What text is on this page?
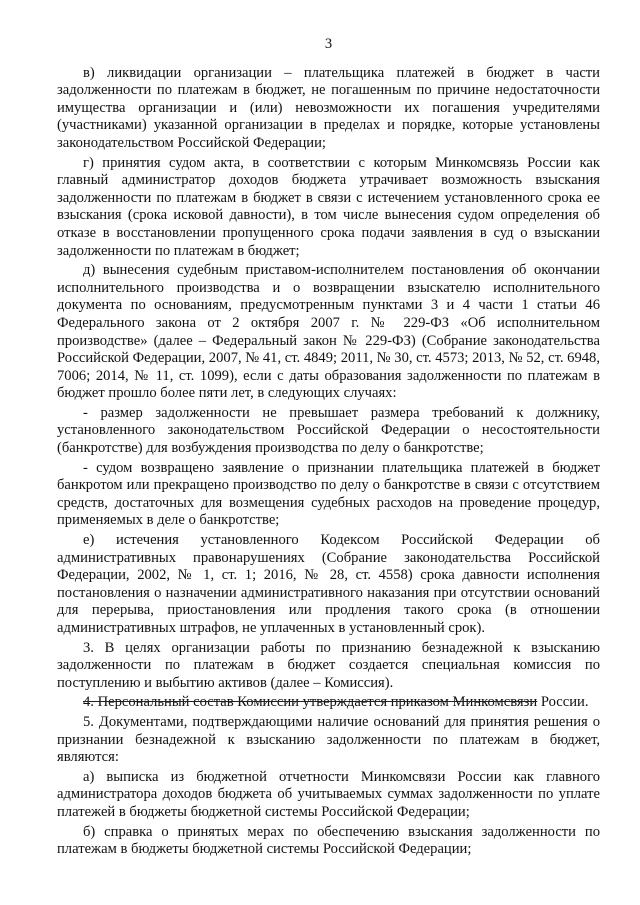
3

в) ликвидации организации – плательщика платежей в бюджет в части задолженности по платежам в бюджет, не погашенным по причине недостаточности имущества организации и (или) невозможности их погашения учредителями (участниками) указанной организации в пределах и порядке, которые установлены законодательством Российской Федерации;

г) принятия судом акта, в соответствии с которым Минкомсвязь России как главный администратор доходов бюджета утрачивает возможность взыскания задолженности по платежам в бюджет в связи с истечением установленного срока ее взыскания (срока исковой давности), в том числе вынесения судом определения об отказе в восстановлении пропущенного срока подачи заявления в суд о взыскании задолженности по платежам в бюджет;

д) вынесения судебным приставом-исполнителем постановления об окончании исполнительного производства и о возвращении взыскателю исполнительного документа по основаниям, предусмотренным пунктами 3 и 4 части 1 статьи 46 Федерального закона от 2 октября 2007 г. № 229-ФЗ «Об исполнительном производстве» (далее – Федеральный закон № 229-ФЗ) (Собрание законодательства Российской Федерации, 2007, № 41, ст. 4849; 2011, № 30, ст. 4573; 2013, № 52, ст. 6948, 7006; 2014, № 11, ст. 1099), если с даты образования задолженности по платежам в бюджет прошло более пяти лет, в следующих случаях:

- размер задолженности не превышает размера требований к должнику, установленного законодательством Российской Федерации о несостоятельности (банкротстве) для возбуждения производства по делу о банкротстве;

- судом возвращено заявление о признании плательщика платежей в бюджет банкротом или прекращено производство по делу о банкротстве в связи с отсутствием средств, достаточных для возмещения судебных расходов на проведение процедур, применяемых в деле о банкротстве;

е) истечения установленного Кодексом Российской Федерации об административных правонарушениях (Собрание законодательства Российской Федерации, 2002, № 1, ст. 1; 2016, № 28, ст. 4558) срока давности исполнения постановления о назначении административного наказания при отсутствии оснований для перерыва, приостановления или продления такого срока (в отношении административных штрафов, не уплаченных в установленный срок).

3. В целях организации работы по признанию безнадежной к взысканию задолженности по платежам в бюджет создается специальная комиссия по поступлению и выбытию активов (далее – Комиссия).

4. Персональный состав Комиссии утверждается приказом Минкомсвязи России.

5. Документами, подтверждающими наличие оснований для принятия решения о признании безнадежной к взысканию задолженности по платежам в бюджет, являются:

а) выписка из бюджетной отчетности Минкомсвязи России как главного администратора доходов бюджета об учитываемых суммах задолженности по уплате платежей в бюджеты бюджетной системы Российской Федерации;

б) справка о принятых мерах по обеспечению взыскания задолженности по платежам в бюджеты бюджетной системы Российской Федерации;
